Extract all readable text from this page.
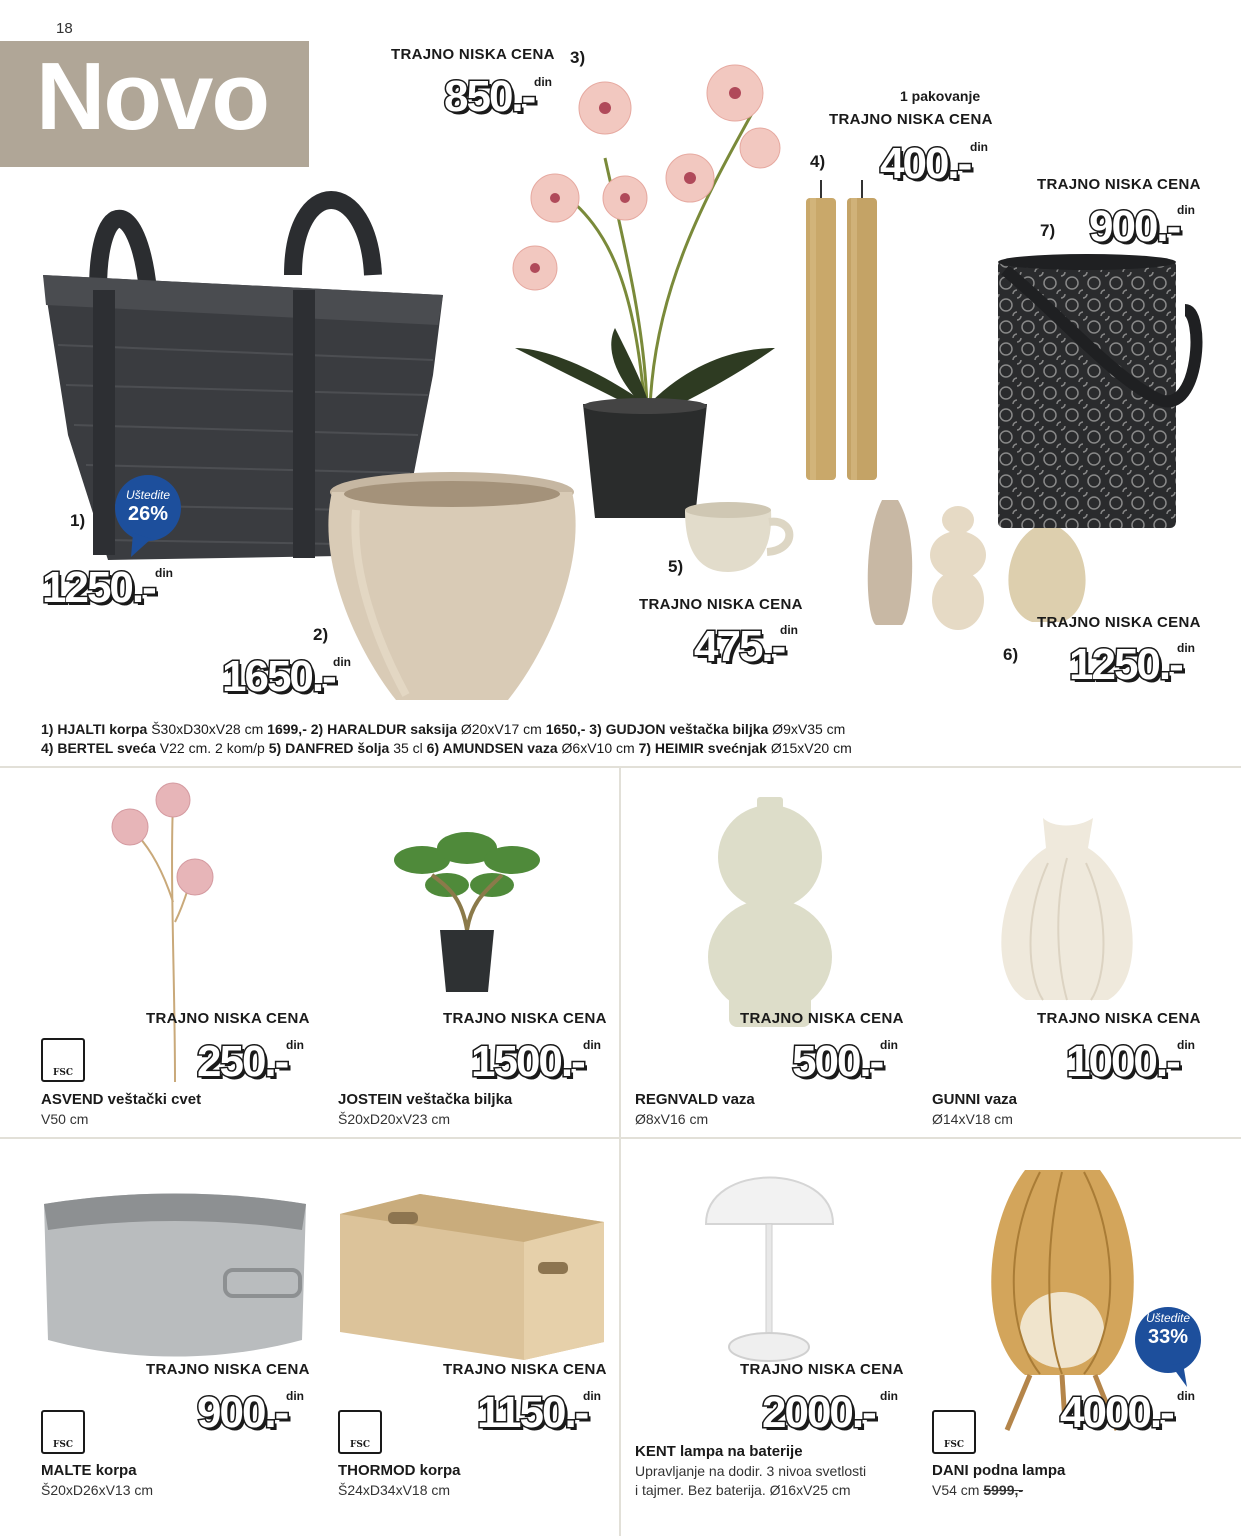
18
Novo
Uštedite
26%
1)
1250.- din
2)
1650.-
din
TRAJNO NISKA CENA 3)
850.- din
1 pakovanje
TRAJNO NISKA CENA
4) 400.- din
5)
TRAJNO NISKA CENA
475.-
din	TRAJNO NISKA CENA
6) 1250.-
din
TRAJNO NISKA CENA
7) 900.-
din
1) HJALTI korpa Š30xD30xV28 cm 1699,- 2) HARALDUR saksija Ø20xV17 cm 1650,- 3) GUDJON veštačka biljka Ø9xV35 cm
4) BERTEL sveća V22 cm. 2 kom/p 5) DANFRED šolja 35 cl 6) AMUNDSEN vaza Ø6xV10 cm 7) HEIMIR svećnjak Ø15xV20 cm
TRAJNO NISKA CENA
FSC	250.-
din
ASVEND veštački cvet
V50 cm
TRAJNO NISKA CENA
1500.- din
JOSTEIN veštačka biljka
Š20xD20xV23 cm
TRAJNO NISKA CENA
500.-
din
REGNVALD vaza
Ø8xV16 cm
TRAJNO NISKA CENA
1000.-
din
GUNNI vaza
Ø14xV18 cm
TRAJNO NISKA CENA
FSC
900.-
din
MALTE korpa
Š20xD26xV13 cm
TRAJNO NISKA CENA
FSC
1150.-
din
THORMOD korpa
Š24xD34xV18 cm
TRAJNO NISKA CENA
2000.- din
KENT lampa na baterije
Upravljanje na dodir. 3 nivoa svetlosti
i tajmer. Bez baterija. Ø16xV25 cm
Uštedite
33%
FSC
4000.- din
DANI podna lampa
V54 cm 5999,-
